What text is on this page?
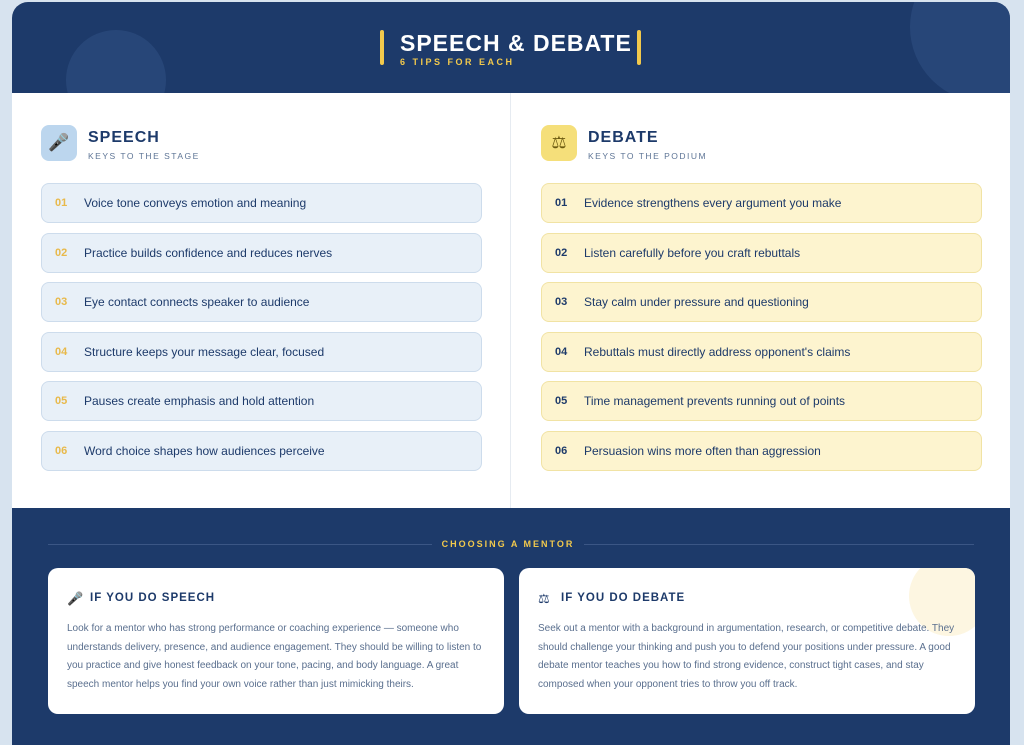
SPEECH & DEBATE
6 TIPS FOR EACH
🎤	SPEECH
KEYS TO THE STAGE
⚖	DEBATE
KEYS TO THE PODIUM
01 Voice tone conveys emotion and meaning
02 Practice builds confidence and reduces nerves
03 Eye contact connects speaker to audience
04 Structure keeps your message clear, focused
05 Pauses create emphasis and hold attention
06 Word choice shapes how audiences perceive
01 Evidence strengthens every argument you make
02 Listen carefully before you craft rebuttals
03 Stay calm under pressure and questioning
04 Rebuttals must directly address opponent's claims
05 Time management prevents running out of points
06 Persuasion wins more often than aggression
CHOOSING A MENTOR
🎤 IF YOU DO SPEECH
Look for a mentor who has strong performance or coaching experience — someone who understands delivery, presence, and audience engagement. They should be willing to listen to you practice and give honest feedback on your tone, pacing, and body language. A great speech mentor helps you find your own voice rather than just mimicking theirs.
⚖ IF YOU DO DEBATE
Seek out a mentor with a background in argumentation, research, or competitive debate. They should challenge your thinking and push you to defend your positions under pressure. A good debate mentor teaches you how to find strong evidence, construct tight cases, and stay composed when your opponent tries to throw you off track.
